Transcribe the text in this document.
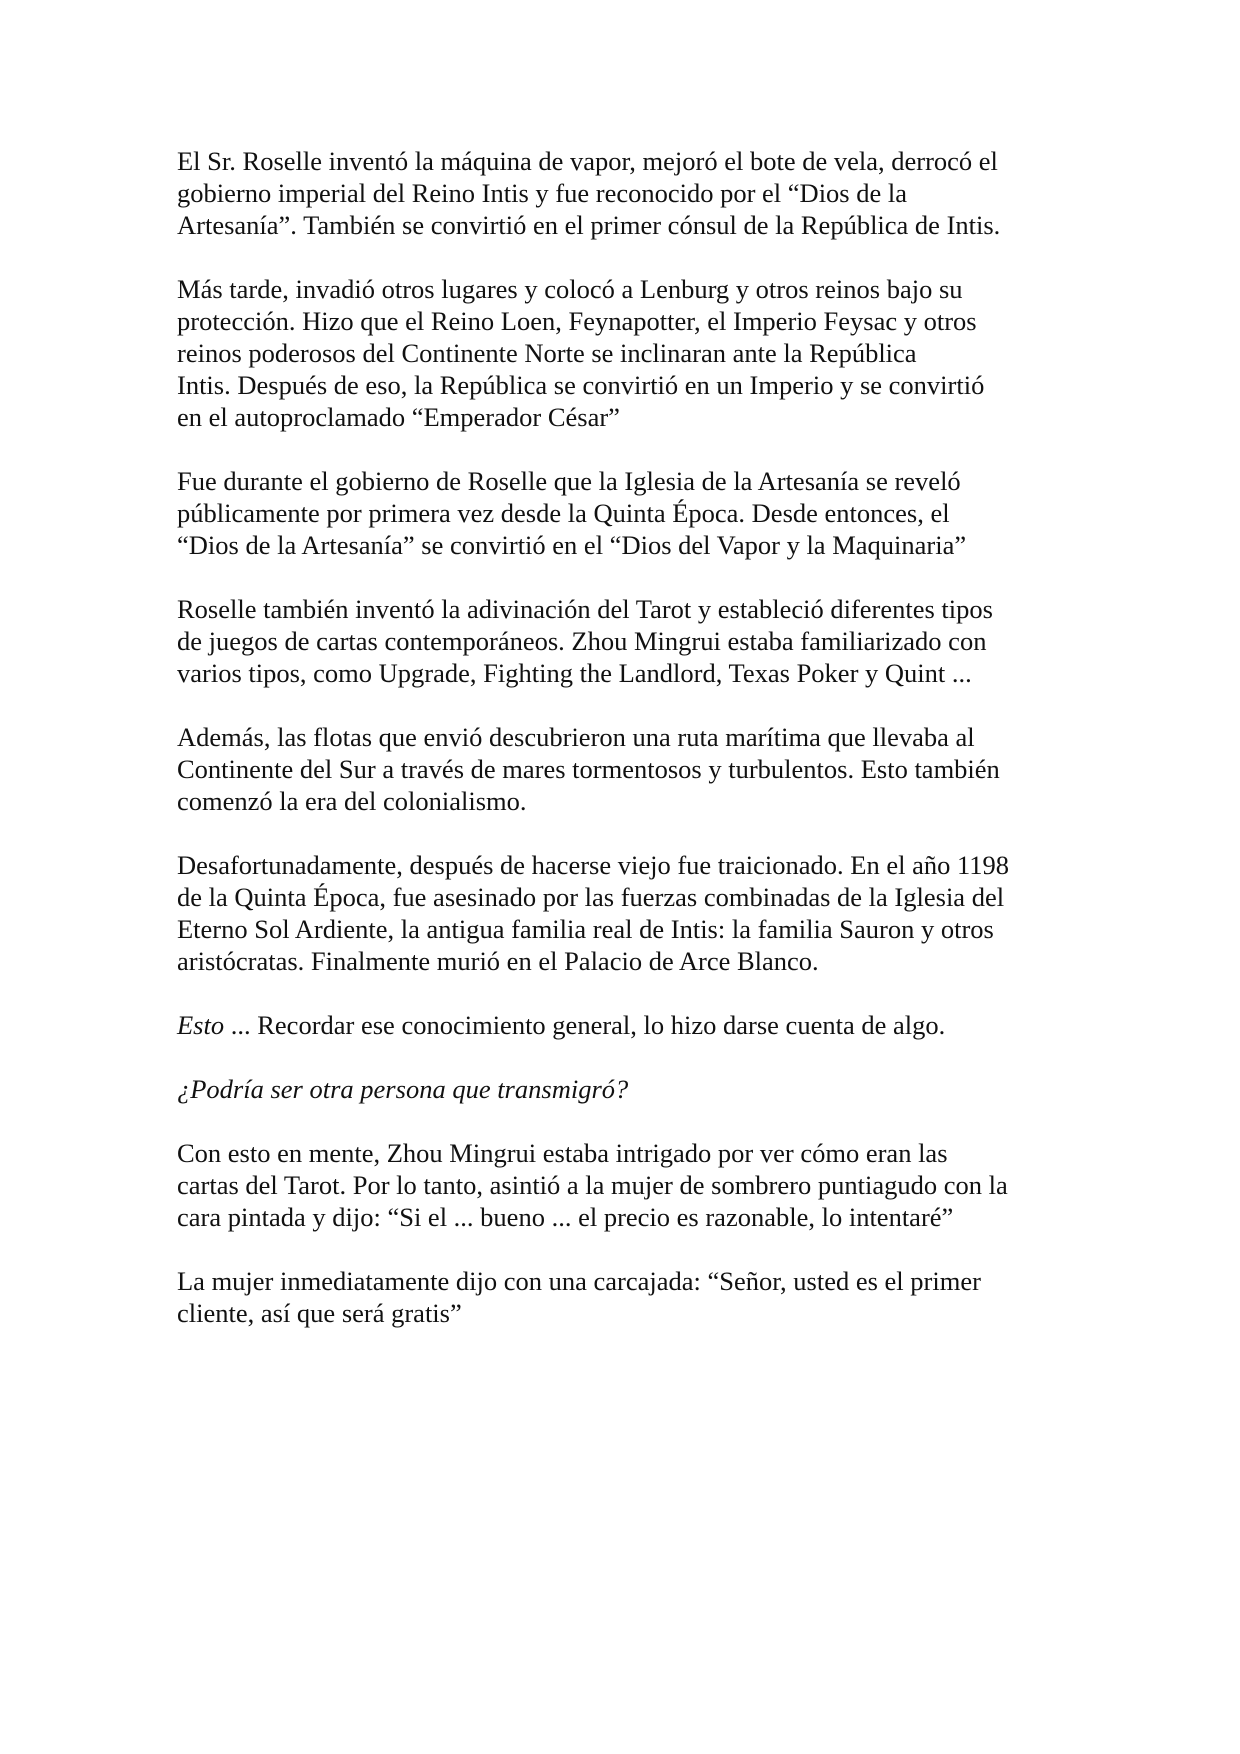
El Sr. Roselle inventó la máquina de vapor, mejoró el bote de vela, derrocó el
gobierno imperial del Reino Intis y fue reconocido por el “Dios de la
Artesanía”. También se convirtió en el primer cónsul de la República de Intis.

Más tarde, invadió otros lugares y colocó a Lenburg y otros reinos bajo su
protección. Hizo que el Reino Loen, Feynapotter, el Imperio Feysac y otros
reinos poderosos del Continente Norte se inclinaran ante la República
Intis. Después de eso, la República se convirtió en un Imperio y se convirtió
en el autoproclamado “Emperador César”

Fue durante el gobierno de Roselle que la Iglesia de la Artesanía se reveló
públicamente por primera vez desde la Quinta Época. Desde entonces, el
“Dios de la Artesanía” se convirtió en el “Dios del Vapor y la Maquinaria”

Roselle también inventó la adivinación del Tarot y estableció diferentes tipos
de juegos de cartas contemporáneos. Zhou Mingrui estaba familiarizado con
varios tipos, como Upgrade, Fighting the Landlord, Texas Poker y Quint ...

Además, las flotas que envió descubrieron una ruta marítima que llevaba al
Continente del Sur a través de mares tormentosos y turbulentos. Esto también
comenzó la era del colonialismo.

Desafortunadamente, después de hacerse viejo fue traicionado. En el año 1198
de la Quinta Época, fue asesinado por las fuerzas combinadas de la Iglesia del
Eterno Sol Ardiente, la antigua familia real de Intis: la familia Sauron y otros
aristócratas. Finalmente murió en el Palacio de Arce Blanco.

Esto ... Recordar ese conocimiento general, lo hizo darse cuenta de algo.

¿Podría ser otra persona que transmigró?

Con esto en mente, Zhou Mingrui estaba intrigado por ver cómo eran las
cartas del Tarot. Por lo tanto, asintió a la mujer de sombrero puntiagudo con la
cara pintada y dijo: “Si el ... bueno ... el precio es razonable, lo intentaré”

La mujer inmediatamente dijo con una carcajada: “Señor, usted es el primer
cliente, así que será gratis”
